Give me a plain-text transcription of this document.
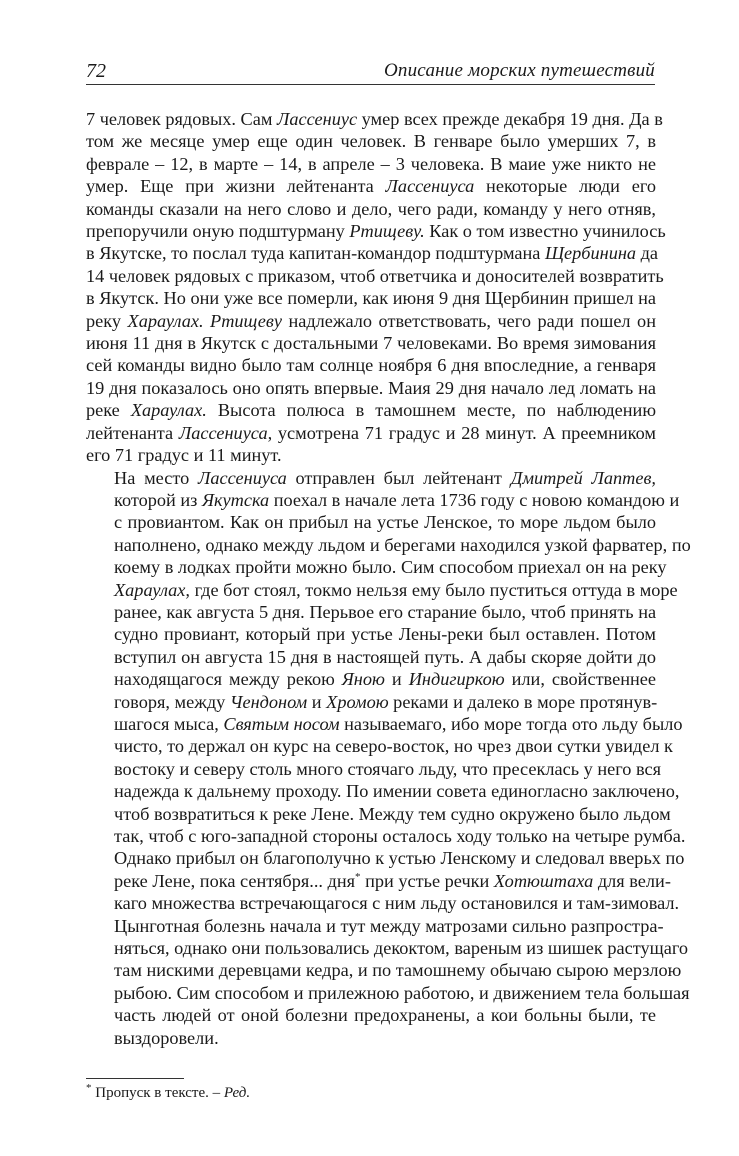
72	Описание морских путешествий

7 человек рядовых. Сам Лассениус умер всех прежде декабря 19 дня. Да в
том же месяце умер еще один человек. В генваре было умерших 7, в
феврале – 12, в марте – 14, в апреле – 3 человека. В маие уже никто не
умер. Еще при жизни лейтенанта Лассениуса некоторые люди его
команды сказали на него слово и дело, чего ради, команду у него отняв,
препоручили оную подштурману Ртищеву. Как о том известно учинилось
в Якутске, то послал туда капитан-командор подштурмана Щербинина да
14 человек рядовых с приказом, чтоб ответчика и доносителей возвратить
в Якутск. Но они уже все померли, как июня 9 дня Щербинин пришел на
реку Хараулах. Ртищеву надлежало ответствовать, чего ради пошел он
июня 11 дня в Якутск с достальными 7 человеками. Во время зимования
сей команды видно было там солнце ноября 6 дня впоследние, а генваря
19 дня показалось оно опять впервые. Маия 29 дня начало лед ломать на
реке Хараулах. Высота полюса в тамошнем месте, по наблюдению
лейтенанта Лассениуса, усмотрена 71 градус и 28 минут. А преемником
его 71 градус и 11 минут.

На место Лассениуса отправлен был лейтенант Дмитрей Лаптев,
которой из Якутска поехал в начале лета 1736 году с новою командою и
с провиантом. Как он прибыл на устье Ленское, то море льдом было
наполнено, однако между льдом и берегами находился узкой фарватер, по
коему в лодках пройти можно было. Сим способом приехал он на реку
Хараулах, где бот стоял, токмо нельзя ему было пуститься оттуда в море
ранее, как августа 5 дня. Перьвое его старание было, чтоб принять на
судно провиант, который при устье Лены-реки был оставлен. Потом
вступил он августа 15 дня в настоящей путь. А дабы скоряе дойти до
находящагося между рекою Яною и Индигиркою или, свойственнее
говоря, между Чендоном и Хромою реками и далеко в море протянув-
шагося мыса, Святым носом называемаго, ибо море тогда ото льду было
чисто, то держал он курс на северо-восток, но чрез двои сутки увидел к
востоку и северу столь много стоячаго льду, что пресеклась у него вся
надежда к дальнему проходу. По имении совета единогласно заключено,
чтоб возвратиться к реке Лене. Между тем судно окружено было льдом
так, чтоб с юго-западной стороны осталось ходу только на четыре румба.
Однако прибыл он благополучно к устью Ленскому и следовал вверьх по
реке Лене, пока сентября... дня* при устье речки Хотюштаха для вели-
каго множества встречающагося с ним льду остановился и там-зимовал.
Цынготная болезнь начала и тут между матрозами сильно разпростра-
няться, однако они пользовались декоктом, вареным из шишек растущаго
там нискими деревцами кедра, и по тамошнему обычаю сырою мерзлою
рыбою. Сим способом и прилежною работою, и движением тела большая
часть людей от оной болезни предохранены, а кои больны были, те
выздоровели.

* Пропуск в тексте. – Ред.
